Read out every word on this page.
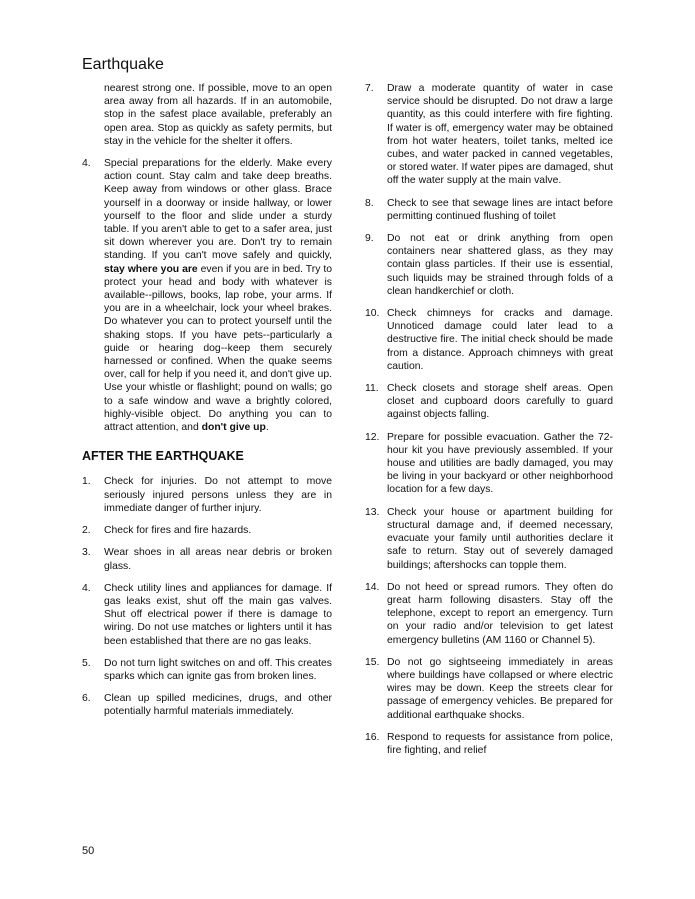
Earthquake
nearest strong one. If possible, move to an open area away from all hazards. If in an automobile, stop in the safest place available, preferably an open area. Stop as quickly as safety permits, but stay in the vehicle for the shelter it offers.
4.	Special preparations for the elderly. Make every action count. Stay calm and take deep breaths. Keep away from windows or other glass. Brace yourself in a doorway or inside hallway, or lower yourself to the floor and slide under a sturdy table. If you aren't able to get to a safer area, just sit down wherever you are. Don't try to remain standing. If you can't move safely and quickly, stay where you are even if you are in bed. Try to protect your head and body with whatever is available--pillows, books, lap robe, your arms. If you are in a wheelchair, lock your wheel brakes. Do whatever you can to protect yourself until the shaking stops. If you have pets--particularly a guide or hearing dog--keep them securely harnessed or confined. When the quake seems over, call for help if you need it, and don't give up. Use your whistle or flashlight; pound on walls; go to a safe window and wave a brightly colored, highly-visible object. Do anything you can to attract attention, and don't give up.
AFTER THE EARTHQUAKE
1.	Check for injuries. Do not attempt to move seriously injured persons unless they are in immediate danger of further injury.
2.	Check for fires and fire hazards.
3.	Wear shoes in all areas near debris or broken glass.
4.	Check utility lines and appliances for damage. If gas leaks exist, shut off the main gas valves. Shut off electrical power if there is damage to wiring. Do not use matches or lighters until it has been established that there are no gas leaks.
5.	Do not turn light switches on and off. This creates sparks which can ignite gas from broken lines.
6.	Clean up spilled medicines, drugs, and other potentially harmful materials immediately.
7.	Draw a moderate quantity of water in case service should be disrupted. Do not draw a large quantity, as this could interfere with fire fighting. If water is off, emergency water may be obtained from hot water heaters, toilet tanks, melted ice cubes, and water packed in canned vegetables, or stored water. If water pipes are damaged, shut off the water supply at the main valve.
8.	Check to see that sewage lines are intact before permitting continued flushing of toilet
9.	Do not eat or drink anything from open containers near shattered glass, as they may contain glass particles. If their use is essential, such liquids may be strained through folds of a clean handkerchief or cloth.
10. Check chimneys for cracks and damage. Unnoticed damage could later lead to a destructive fire. The initial check should be made from a distance. Approach chimneys with great caution.
11. Check closets and storage shelf areas. Open closet and cupboard doors carefully to guard against objects falling.
12. Prepare for possible evacuation. Gather the 72-hour kit you have previously assembled. If your house and utilities are badly damaged, you may be living in your backyard or other neighborhood location for a few days.
13. Check your house or apartment building for structural damage and, if deemed necessary, evacuate your family until authorities declare it safe to return. Stay out of severely damaged buildings; aftershocks can topple them.
14. Do not heed or spread rumors. They often do great harm following disasters. Stay off the telephone, except to report an emergency. Turn on your radio and/or television to get latest emergency bulletins (AM 1160 or Channel 5).
15. Do not go sightseeing immediately in areas where buildings have collapsed or where electric wires may be down. Keep the streets clear for passage of emergency vehicles. Be prepared for additional earthquake shocks.
16. Respond to requests for assistance from police, fire fighting, and relief
50
